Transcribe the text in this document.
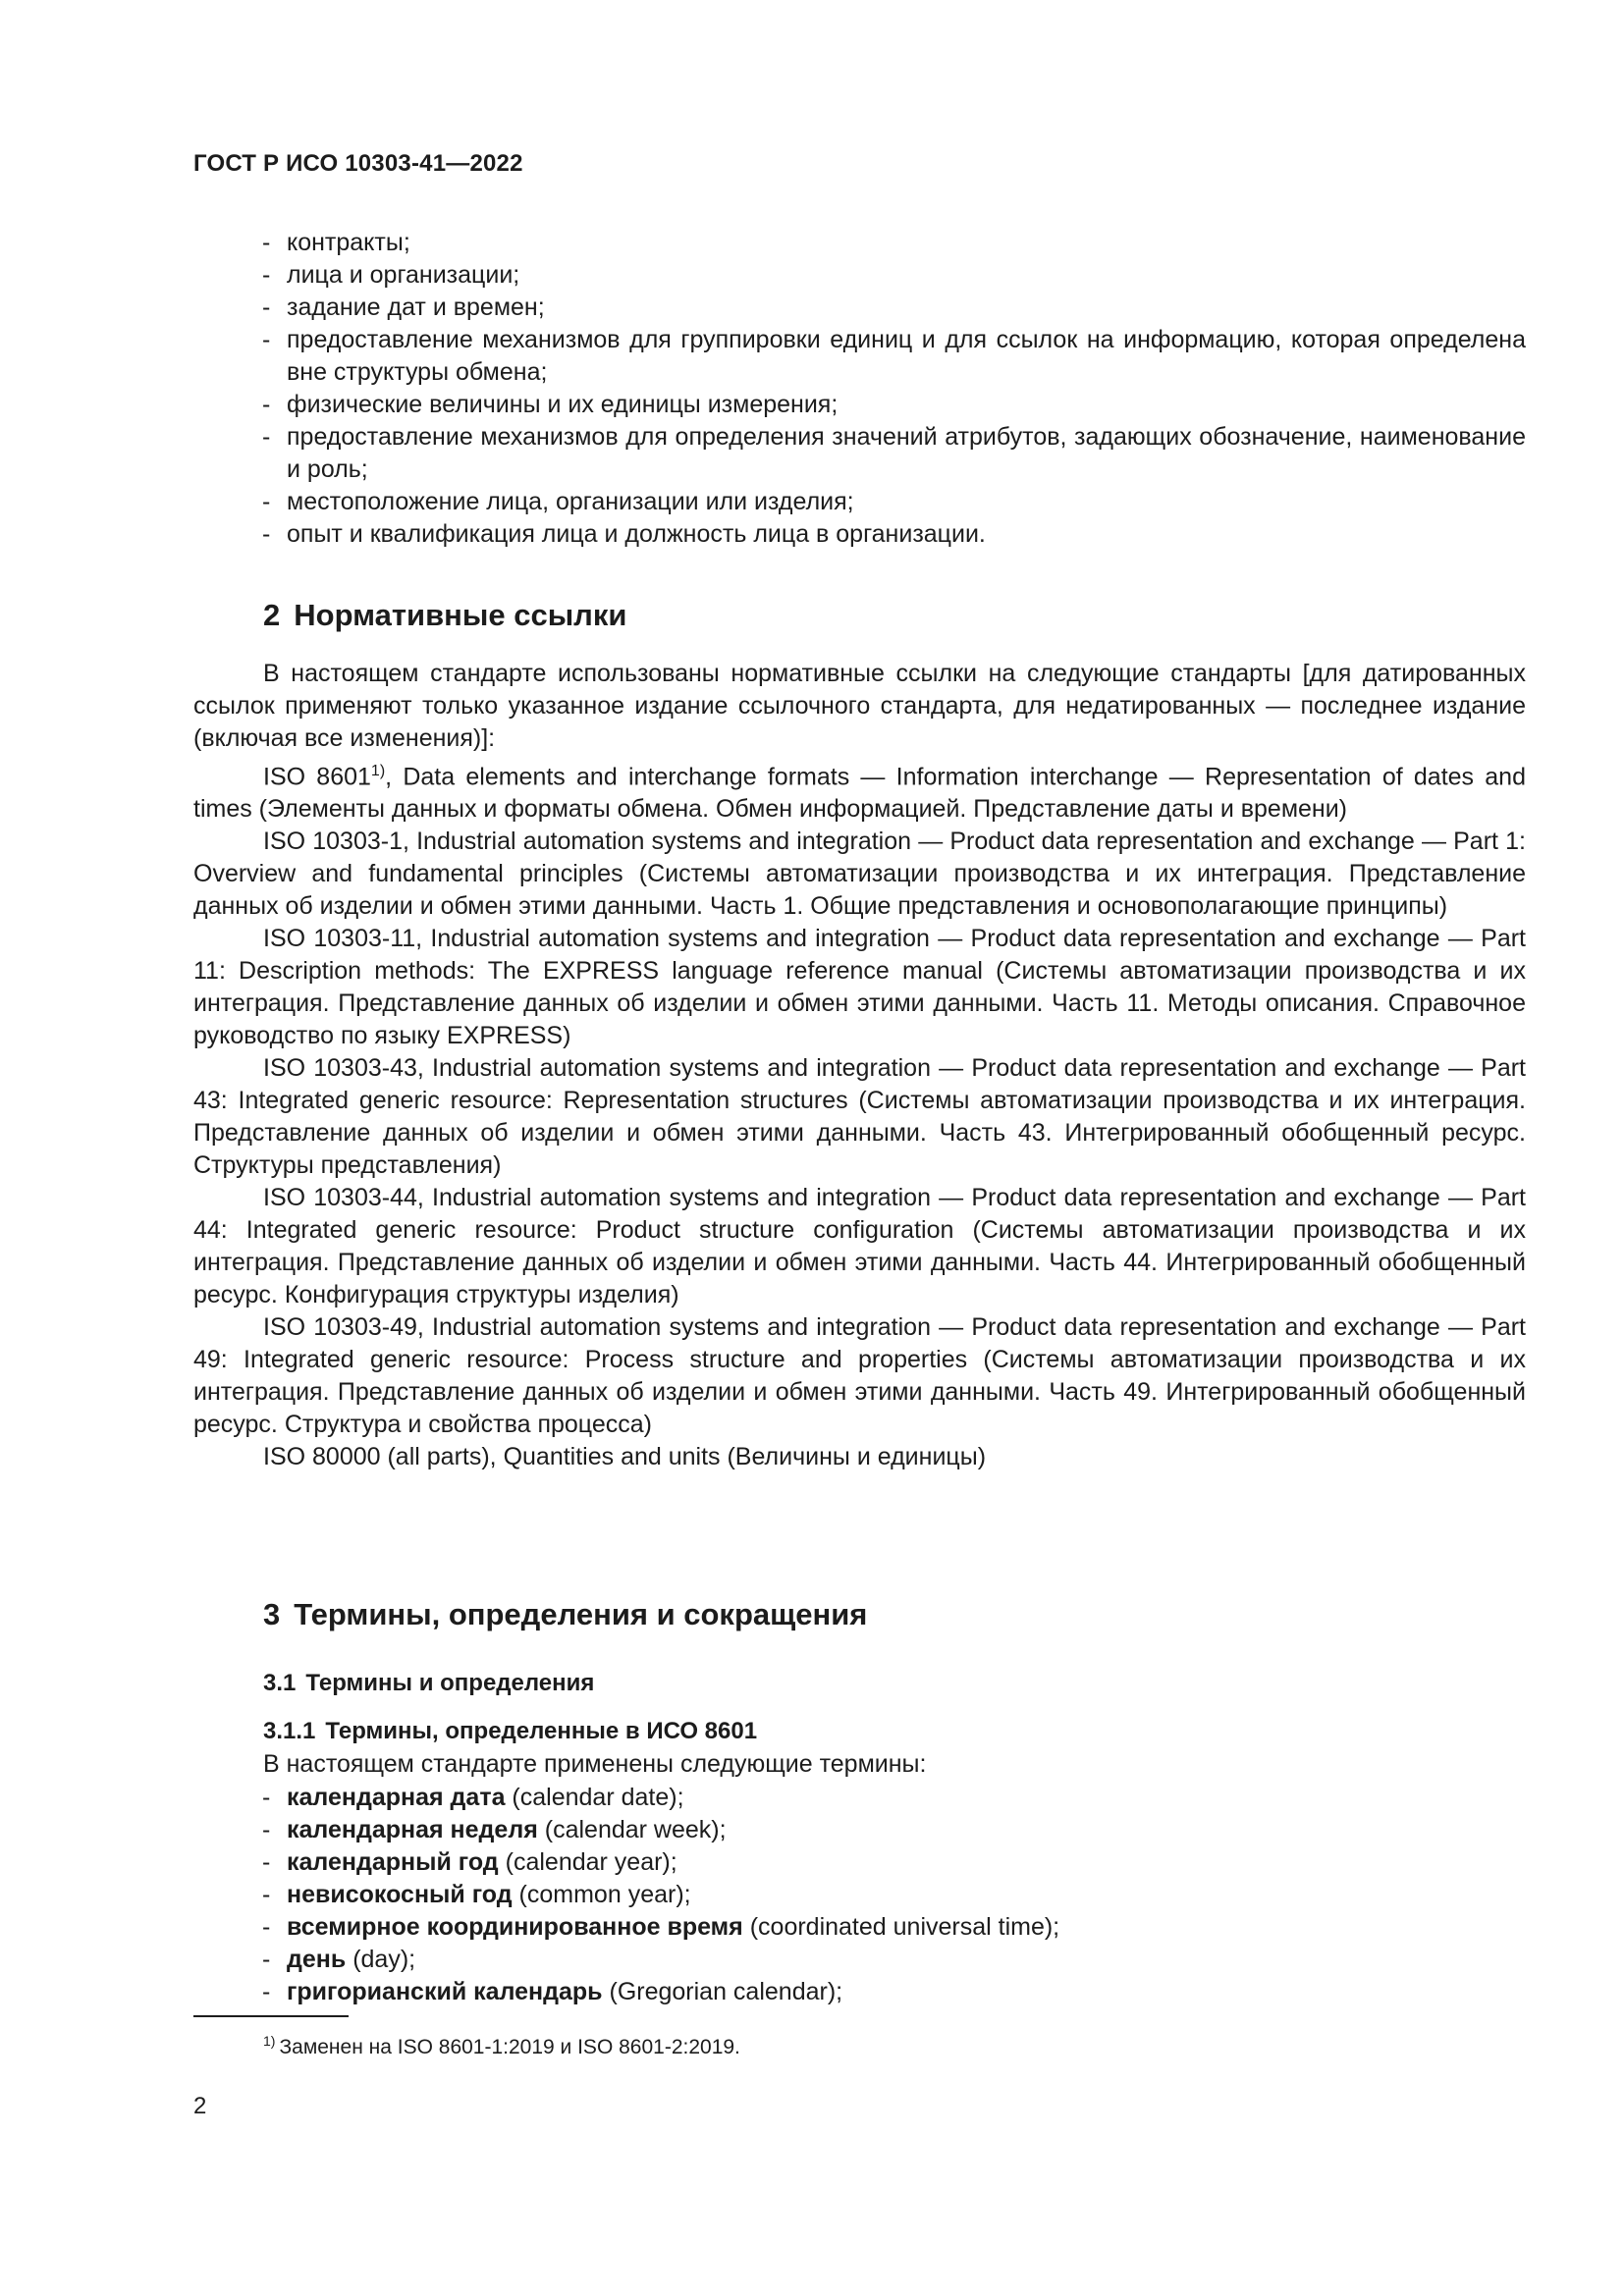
ГОСТ Р ИСО 10303-41—2022

- контракты;
- лица и организации;
- задание дат и времен;
- предоставление механизмов для группировки единиц и для ссылок на информацию, которая определена вне структуры обмена;
- физические величины и их единицы измерения;
- предоставление механизмов для определения значений атрибутов, задающих обозначение, наименование и роль;
- местоположение лица, организации или изделия;
- опыт и квалификация лица и должность лица в организации.
2 Нормативные ссылки

В настоящем стандарте использованы нормативные ссылки на следующие стандарты [для датированных ссылок применяют только указанное издание ссылочного стандарта, для недатированных — последнее издание (включая все изменения)]:

ISO 8601$^{1)}$, Data elements and interchange formats — Information interchange — Representation of dates and times (Элементы данных и форматы обмена. Обмен информацией. Представление даты и времени)

ISO 10303-1, Industrial automation systems and integration — Product data representation and exchange — Part 1: Overview and fundamental principles (Системы автоматизации производства и их интеграция. Представление данных об изделии и обмен этими данными. Часть 1. Общие представления и основополагающие принципы)

ISO 10303-11, Industrial automation systems and integration — Product data representation and exchange — Part 11: Description methods: The EXPRESS language reference manual (Системы автоматизации производства и их интеграция. Представление данных об изделии и обмен этими данными. Часть 11. Методы описания. Справочное руководство по языку EXPRESS)

ISO 10303-43, Industrial automation systems and integration — Product data representation and exchange — Part 43: Integrated generic resource: Representation structures (Системы автоматизации производства и их интеграция. Представление данных об изделии и обмен этими данными. Часть 43. Интегрированный обобщенный ресурс. Структуры представления)

ISO 10303-44, Industrial automation systems and integration — Product data representation and exchange — Part 44: Integrated generic resource: Product structure configuration (Системы автоматизации производства и их интеграция. Представление данных об изделии и обмен этими данными. Часть 44. Интегрированный обобщенный ресурс. Конфигурация структуры изделия)

ISO 10303-49, Industrial automation systems and integration — Product data representation and exchange — Part 49: Integrated generic resource: Process structure and properties (Системы автоматизации производства и их интеграция. Представление данных об изделии и обмен этими данными. Часть 49. Интегрированный обобщенный ресурс. Структура и свойства процесса)

ISO 80000 (all parts), Quantities and units (Величины и единицы)

3 Термины, определения и сокращения
3.1 Термины и определения
3.1.1 Термины, определенные в ИСО 8601

В настоящем стандарте применены следующие термины:

- календарная дата (calendar date);
- календарная неделя (calendar week);
- календарный год (calendar year);
- невисокосный год (common year);
- всемирное координированное время (coordinated universal time);
- день (day);
- григорианский календарь (Gregorian calendar);

$^{1)}$ Заменен на ISO 8601-1:2019 и ISO 8601-2:2019.

2
